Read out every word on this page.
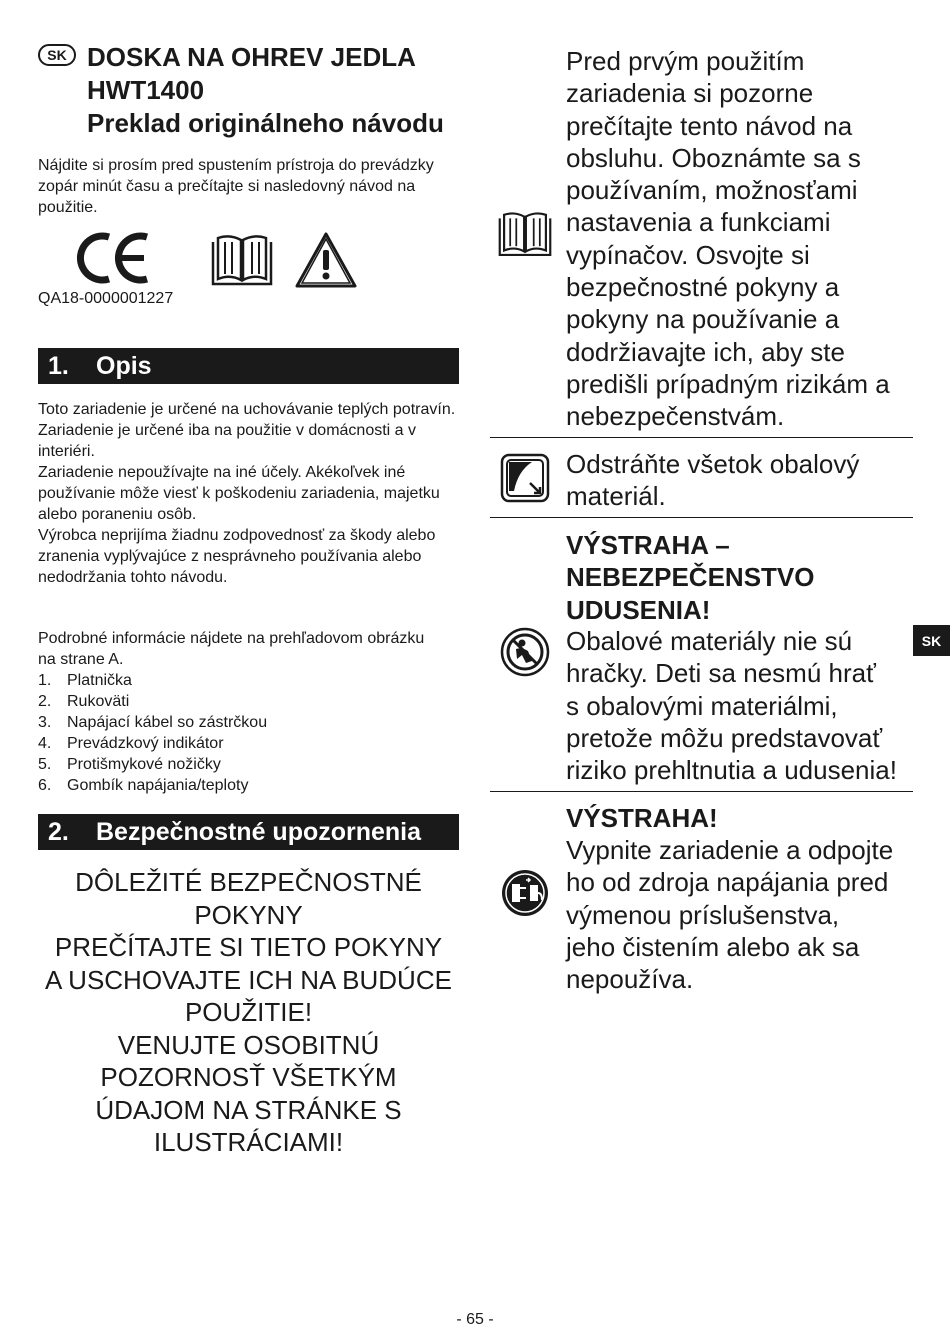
SK DOSKA NA OHREV JEDLA
HWT1400
Preklad originálneho návodu
Nájdite si prosím pred spustením prístroja do prevádzky zopár minút času a prečítajte si nasledovný návod na použitie.
QA18-0000001227
1. Opis
Toto zariadenie je určené na uchovávanie teplých potravín.
Zariadenie je určené iba na použitie v domácnosti a v interiéri.
Zariadenie nepoužívajte na iné účely. Akékoľvek iné používanie môže viesť k poškodeniu zariadenia, majetku alebo poraneniu osôb.
Výrobca neprijíma žiadnu zodpovednosť za škody alebo zranenia vyplývajúce z nesprávneho používania alebo nedodržania tohto návodu.
Podrobné informácie nájdete na prehľadovom obrázku na strane A.
1. Platnička
2. Rukoväti
3. Napájací kábel so zástrčkou
4. Prevádzkový indikátor
5. Protišmykové nožičky
6. Gombík napájania/teploty
2. Bezpečnostné upozornenia
DÔLEŽITÉ BEZPEČNOSTNÉ
POKYNY
PREČÍTAJTE SI TIETO POKYNY
A USCHOVAJTE ICH NA BUDÚCE
POUŽITIE!
VENUJTE OSOBITNÚ
POZORNOSŤ VŠETKÝM
ÚDAJOM NA STRÁNKE S
ILUSTRÁCIAMI!
Pred prvým použitím
zariadenia si pozorne
prečítajte tento návod na
obsluhu. Oboznámte sa s
používaním, možnosťami
nastavenia a funkciami
vypínačov. Osvojte si
bezpečnostné pokyny a
pokyny na používanie a
dodržiavajte ich, aby ste
predišli prípadným rizikám a
nebezpečenstvám.
Odstráňte všetok obalový
materiál.
VÝSTRAHA –
NEBEZPEČENSTVO
UDUSENIA!
Obalové materiály nie sú
hračky. Deti sa nesmú hrať
s obalovými materiálmi,
pretože môžu predstavovať
riziko prehltnutia a udusenia!
VÝSTRAHA!
Vypnite zariadenie a odpojte
ho od zdroja napájania pred
výmenou príslušenstva,
jeho čistením alebo ak sa
nepoužíva.
SK
- 65 -
